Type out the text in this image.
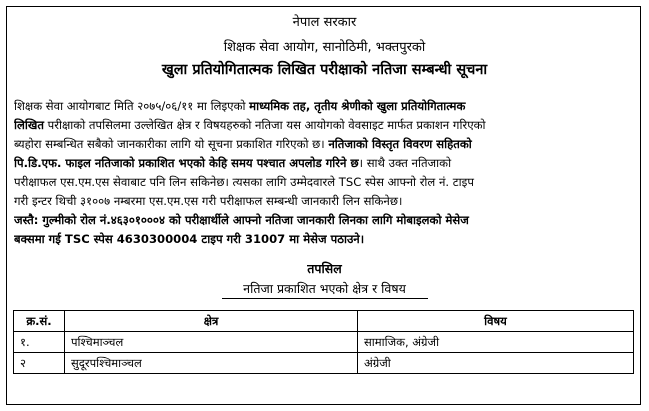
नेपाल सरकार
शिक्षक सेवा आयोग, सानोठिमी, भक्तपुरको
खुला प्रतियोगितात्मक लिखित परीक्षाको नतिजा सम्बन्धी सूचना
शिक्षक सेवा आयोगबाट मिति २०७५/०६/११ मा लिइएको माध्यमिक तह, तृतीय श्रेणीको खुला प्रतियोगितात्मक
लिखित परीक्षाको तपसिलमा उल्लेखित क्षेत्र र विषयहरुको नतिजा यस आयोगको वेवसाइट मार्फत प्रकाशन गरिएको
ब्यहोरा सम्बन्धित सबैको जानकारीका लागि यो सूचना प्रकाशित गरिएको छ। नतिजाको विस्तृत विवरण सहितको
पि.डि.एफ. फाइल नतिजाको प्रकाशित भएको केहि समय पश्चात अपलोड गरिने छ। साथै उक्त नतिजाको
परीक्षाफल एस.एम.एस सेवाबाट पनि लिन सकिनेछ। त्यसका लागि उम्मेदवारले TSC स्पेस आफ्नो रोल नं. टाइप
गरी इन्टर थिची ३१००७ नम्बरमा एस.एम.एस गरी परीक्षाफल सम्बन्धी जानकारी लिन सकिनेछ।
जस्तै: गुल्मीको रोल नं.४६३०१०००४ को परीक्षार्थीले आफ्नो नतिजा जानकारी लिनका लागि मोबाइलको मेसेज
बक्समा गई TSC स्पेस 4630300004 टाइप गरी 31007 मा मेसेज पठाउने।
तपसिल
नतिजा प्रकाशित भएको क्षेत्र र विषय
क्र.सं.	क्षेत्र	विषय
१.	पश्चिमाञ्चल	सामाजिक, अंग्रेजी
२	सुदूरपश्चिमाञ्चल	अंग्रेजी
